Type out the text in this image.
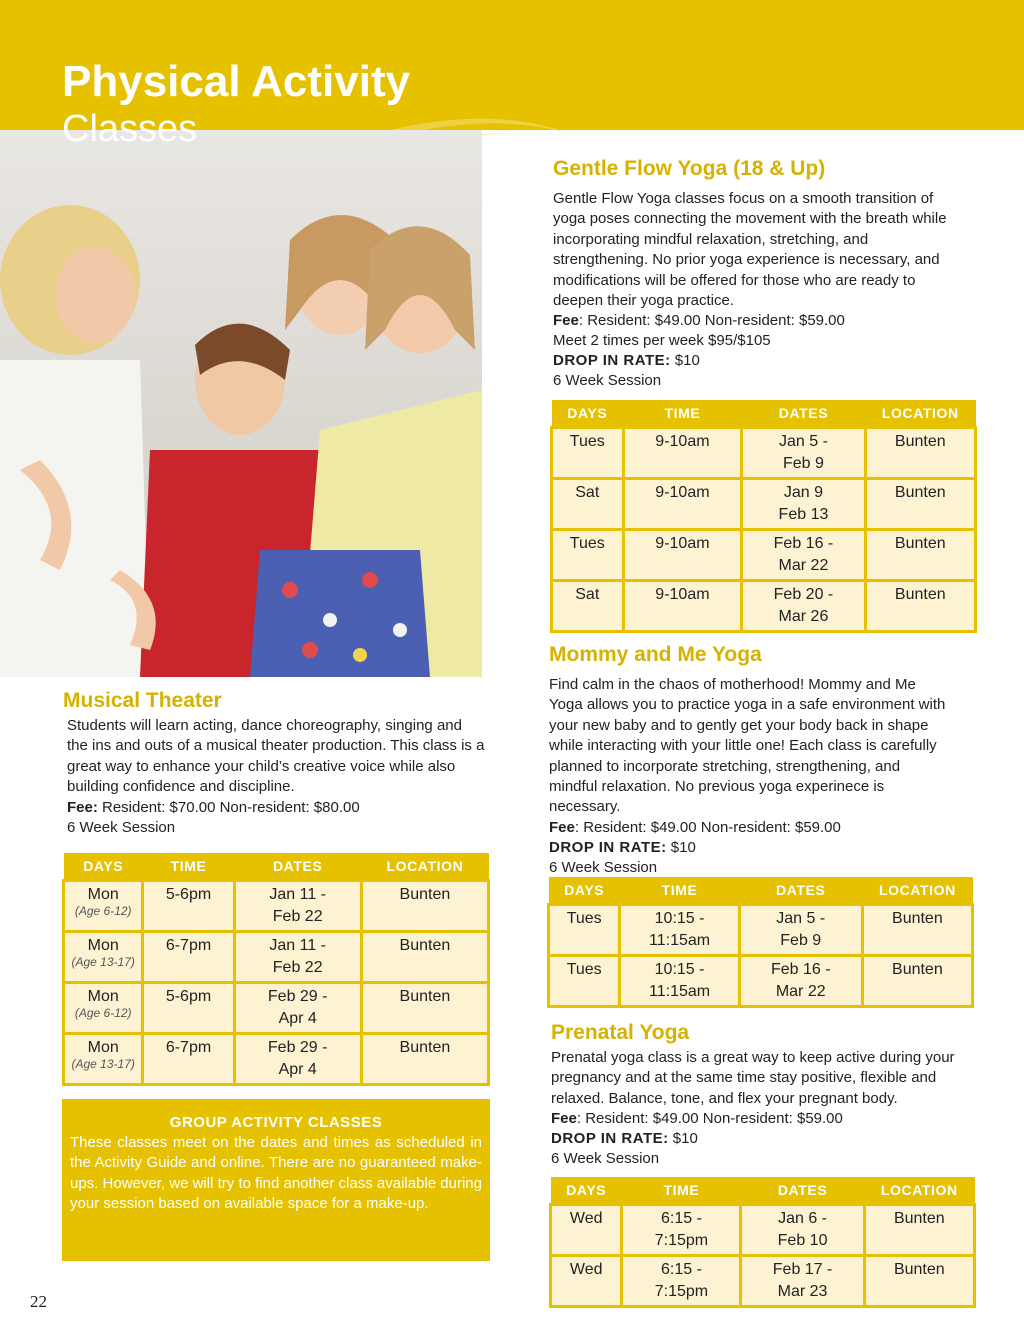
Physical Activity
Classes
Gentle Flow Yoga (18 & Up)

Gentle Flow Yoga classes focus on a smooth transition of yoga poses connecting the movement with the breath while incorporating mindful relaxation, stretching, and strengthening. No prior yoga experience is necessary, and modifications will be offered for those who are ready to deepen their yoga practice.

Fee: Resident: $49.00 Non-resident: $59.00
Meet 2 times per week $95/$105
DROP IN RATE: $10
6 Week Session
DAYS	TIME	DATES	LOCATION
Tues	9-10am	Jan 5 - Feb 9	Bunten
Sat	9-10am	Jan 9 Feb 13	Bunten
Tues	9-10am	Feb 16 - Mar 22	Bunten
Sat	9-10am	Feb 20 - Mar 26	Bunten
Mommy and Me Yoga

Find calm in the chaos of motherhood! Mommy and Me Yoga allows you to practice yoga in a safe environment with your new baby and to gently get your body back in shape while interacting with your little one! Each class is carefully planned to incorporate stretching, strengthening, and mindful relaxation. No previous yoga experinece is necessary.

Fee: Resident: $49.00 Non-resident: $59.00
DROP IN RATE: $10
6 Week Session
DAYS	TIME	DATES	LOCATION
Tues	10:15 - 11:15am	Jan 5 - Feb 9	Bunten
Tues	10:15 - 11:15am	Feb 16 - Mar 22	Bunten
Prenatal Yoga

Prenatal yoga class is a great way to keep active during your pregnancy and at the same time stay positive, flexible and relaxed. Balance, tone, and flex your pregnant body.

Fee: Resident: $49.00 Non-resident: $59.00
DROP IN RATE: $10
6 Week Session
DAYS	TIME	DATES	LOCATION
Wed	6:15 - 7:15pm	Jan 6 - Feb 10	Bunten
Wed	6:15 - 7:15pm	Feb 17 - Mar 23	Bunten
Musical Theater

Students will learn acting, dance choreography, singing and the ins and outs of a musical theater production. This class is a great way to enhance your child’s creative voice while also building confidence and discipline.

Fee: Resident: $70.00 Non-resident: $80.00
6 Week Session
DAYS	TIME	DATES	LOCATION
Mon
(Age 6-12)	5-6pm	Jan 11 - Feb 22	Bunten
Mon
(Age 13-17)	6-7pm	Jan 11 - Feb 22	Bunten
Mon
(Age 6-12)	5-6pm	Feb 29 - Apr 4	Bunten
Mon
(Age 13-17)	6-7pm	Feb 29 - Apr 4	Bunten
GROUP ACTIVITY CLASSES
These classes meet on the dates and times as scheduled in the Activity Guide and online. There are no guaranteed make-ups. However, we will try to find another class available during your session based on available space for a make-up.
22
